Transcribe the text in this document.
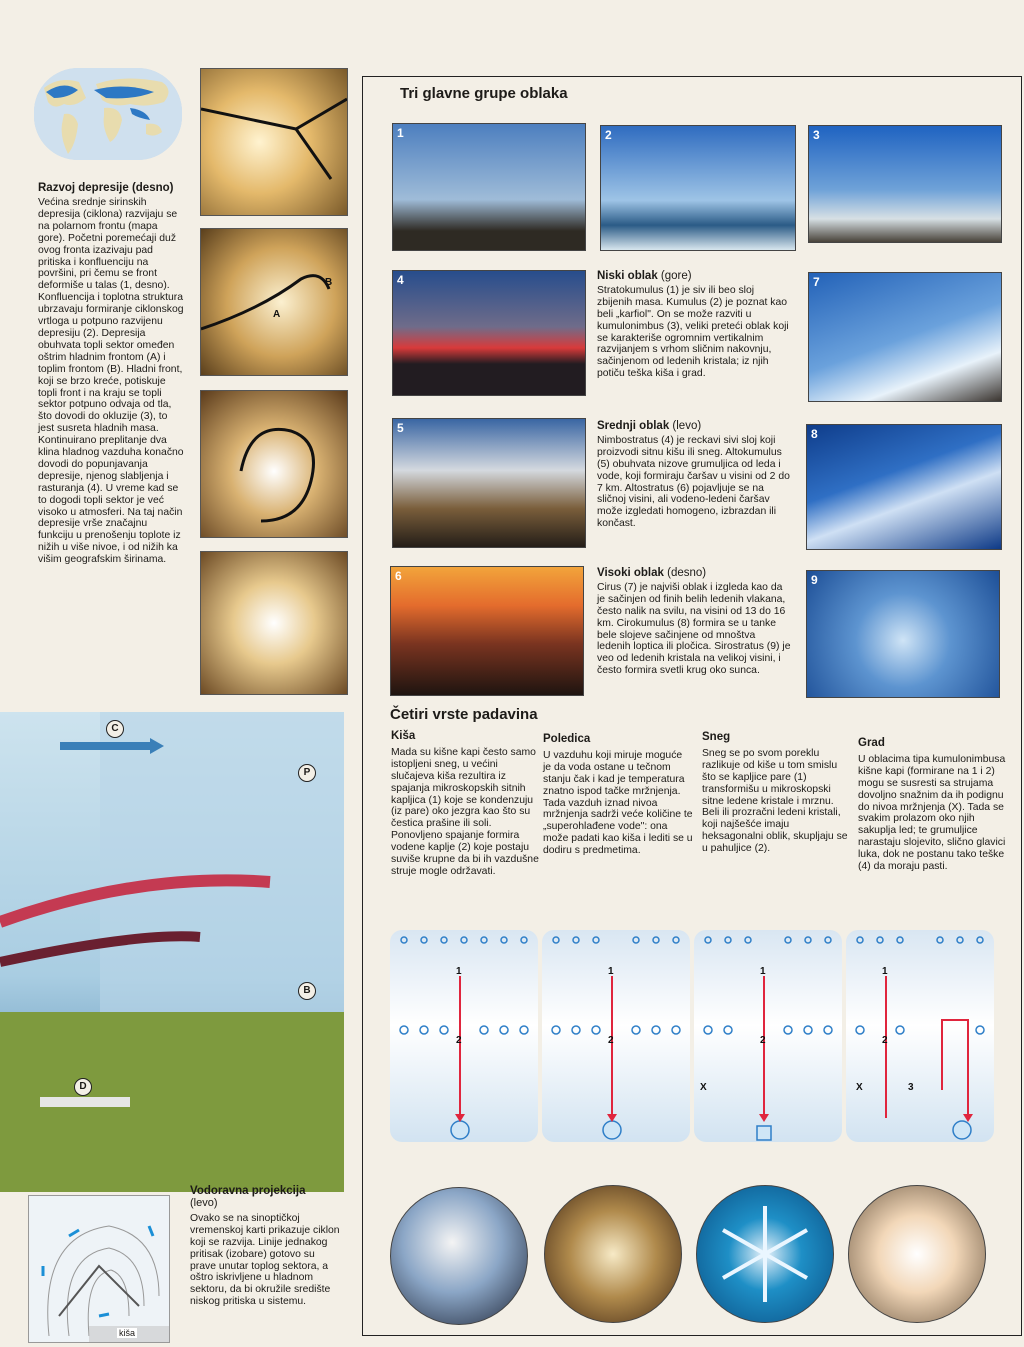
A
B
Razvoj depresije (desno)

Većina srednje sirinskih depresija (ciklona) razvijaju se na polarnom frontu (mapa gore). Početni poremećaji duž ovog fronta izazivaju pad pritiska i konfluenciju na površini, pri čemu se front deformiše u talas (1, desno). Konfluencija i toplotna struktura ubrzavaju formiranje ciklonskog vrtloga u potpuno razvijenu depresiju (2). Depresija obuhvata topli sektor omeđen oštrim hladnim frontom (A) i toplim frontom (B). Hladni front, koji se brzo kreće, potiskuje topli front i na kraju se topli sektor potpuno odvaja od tla, što dovodi do okluzije (3), to jest susreta hladnih masa. Kontinuirano preplitanje dva klina hladnog vazduha konačno dovodi do popunjavanja depresije, njenog slabljenja i rasturanja (4). U vreme kad se to dogodi topli sektor je već visoko u atmosferi. Na taj način depresije vrše značajnu funkciju u prenošenju toplote iz nižih u više nivoe, i od nižih ka višim geografskim širinama.

C
P
B
D
kiša
Vodoravna projekcija
(levo)

Ovako se na sinoptičkoj vremenskoj karti prikazuje ciklon koji se razvija. Linije jednakog pritisak (izobare) gotovo su prave unutar toplog sektora, a oštro iskrivljene u hladnom sektoru, da bi okružile središte niskog pritiska u sistemu.

Tri glavne grupe oblaka
1	2	3
4
5
6
7
8
9
Niski oblak (gore)

Stratokumulus (1) je siv ili beo sloj zbijenih masa. Kumulus (2) je poznat kao beli „karfiol". On se može razviti u kumulonimbus (3), veliki preteći oblak koji se karakteriše ogromnim vertikalnim razvijanjem s vrhom sličnim nakovnju, sačinjenom od ledenih kristala; iz njih potiču teška kiša i grad.

Srednji oblak (levo)

Nimbostratus (4) je reckavi sivi sloj koji proizvodi sitnu kišu ili sneg. Altokumulus (5) obuhvata nizove grumuljica od leda i vode, koji formiraju čaršav u visini od 2 do 7 km. Altostratus (6) pojavljuje se na sličnoj visini, ali vodeno-ledeni čaršav može izgledati homogeno, izbrazdan ili končast.

Visoki oblak (desno)

Cirus (7) je najviši oblak i izgleda kao da je sačinjen od finih belih ledenih vlakana, često nalik na svilu, na visini od 13 do 16 km. Cirokumulus (8) formira se u tanke bele slojeve sačinjene od mnoštva ledenih loptica ili pločica. Sirostratus (9) je veo od ledenih kristala na velikoj visini, i često formira svetli krug oko sunca.

Četiri vrste padavina
Kiša

Mada su kišne kapi često samo istopljeni sneg, u većini slučajeva kiša rezultira iz spajanja mikroskopskih sitnih kapljica (1) koje se kondenzuju (iz pare) oko jezgra kao što su čestica prašine ili soli. Ponovljeno spajanje formira vodene kaplje (2) koje postaju suviše krupne da bi ih vazdušne struje mogle održavati.

Poledica

U vazduhu koji miruje moguće je da voda ostane u tečnom stanju čak i kad je temperatura znatno ispod tačke mržnjenja. Tada vazduh iznad nivoa mržnjenja sadrži veće količine te „superohlađene vode": ona može padati kao kiša i lediti se u dodiru s predmetima.

Sneg

Sneg se po svom poreklu razlikuje od kiše u tom smislu što se kapljice pare (1) transformišu u mikroskopski sitne ledene kristale i mrznu. Beli ili prozračni ledeni kristali, koji najšešće imaju heksagonalni oblik, skupljaju se u pahuljice (2).

Grad

U oblacima tipa kumulonimbusa kišne kapi (formirane na 1 i 2) mogu se susresti sa strujama dovoljno snažnim da ih podignu do nivoa mržnjenja (X). Tada se svakim prolazom oko njih sakuplja led; te grumuljice narastaju slojevito, slično glavici luka, dok ne postanu tako teške (4) da moraju pasti.

1
2
1
2
X
1
2
X
1
2
3
